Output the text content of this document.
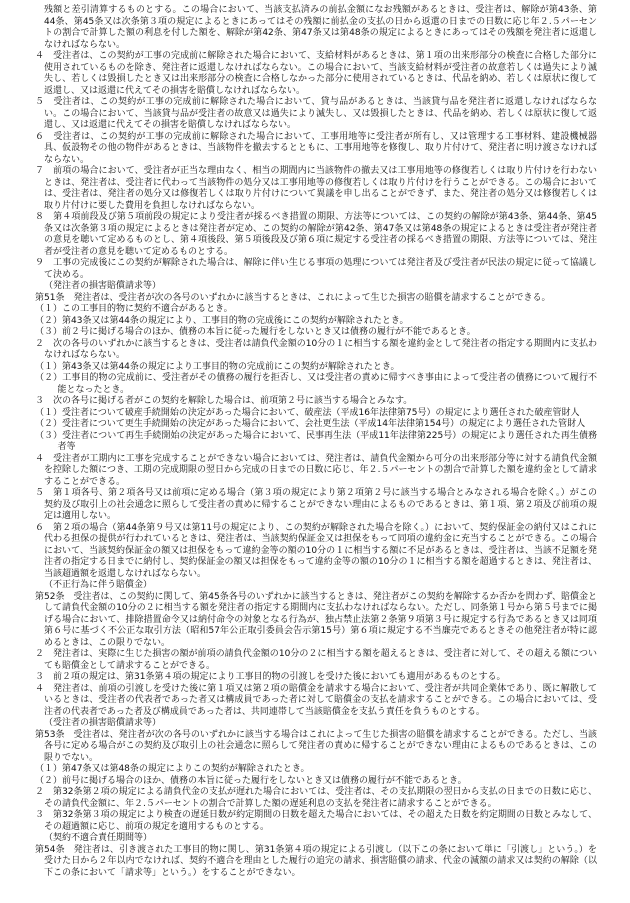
残額と差引清算するものとする。この場合において、当該支払済みの前払金額になお残額があるときは、受注者は、解除が第43条、第44条、第45条又は次条第３項の規定によるときにあってはその残額に前払金の支払の日から返還の日までの日数に応じ年２.５パーセントの割合で計算した額の利息を付した額を、解除が第42条、第47条又は第48条の規定によるときにあってはその残額を発注者に返還しなければならない。

４　受注者は、この契約が工事の完成前に解除された場合において、支給材料があるときは、第１項の出来形部分の検査に合格した部分に使用されているものを除き、発注者に返還しなければならない。この場合において、当該支給材料が受注者の故意若しくは過失により滅失し、若しくは毀損したとき又は出来形部分の検査に合格しなかった部分に使用されているときは、代品を納め、若しくは原状に復して返還し、又は返還に代えてその損害を賠償しなければならない。

５　受注者は、この契約が工事の完成前に解除された場合において、貸与品があるときは、当該貸与品を発注者に返還しなければならない。この場合において、当該貸与品が受注者の故意又は過失により滅失し、又は毀損したときは、代品を納め、若しくは原状に復して返還し、又は返還に代えてその損害を賠償しなければならない。

６　受注者は、この契約が工事の完成前に解除された場合において、工事用地等に受注者が所有し、又は管理する工事材料、建設機械器具、仮設物その他の物件があるときは、当該物件を撤去するとともに、工事用地等を修復し、取り片付けて、発注者に明け渡さなければならない。

７　前項の場合において、受注者が正当な理由なく、相当の期間内に当該物件の撤去又は工事用地等の修復若しくは取り片付けを行わないときは、発注者は、受注者に代わって当該物件の処分又は工事用地等の修復若しくは取り片付けを行うことができる。この場合においては、受注者は、発注者の処分又は修復若しくは取り片付けについて異議を申し出ることができず、また、発注者の処分又は修復若しくは取り片付けに要した費用を負担しなければならない。

８　第４項前段及び第５項前段の規定により受注者が採るべき措置の期限、方法等については、この契約の解除が第43条、第44条、第45条又は次条第３項の規定によるときは発注者が定め、この契約の解除が第42条、第47条又は第48条の規定によるときは受注者が発注者の意見を聴いて定めるものとし、第４項後段、第５項後段及び第６項に規定する受注者の採るべき措置の期限、方法等については、発注者が受注者の意見を聴いて定めるものとする。

９　工事の完成後にこの契約が解除された場合は、解除に伴い生じる事項の処理については発注者及び受注者が民法の規定に従って協議して決める。

（発注者の損害賠償請求等）

第51条　発注者は、受注者が次の各号のいずれかに該当するときは、これによって生じた損害の賠償を請求することができる。

（１）この工事目的物に契約不適合があるとき。

（２）第43条又は第44条の規定により、工事目的物の完成後にこの契約が解除されたとき。

（３）前２号に掲げる場合のほか、債務の本旨に従った履行をしないとき又は債務の履行が不能であるとき。

２　次の各号のいずれかに該当するときは、受注者は請負代金額の10分の１に相当する額を違約金として発注者の指定する期間内に支払わなければならない。

（１）第43条又は第44条の規定により工事目的物の完成前にこの契約が解除されたとき。

（２）工事目的物の完成前に、受注者がその債務の履行を拒否し、又は受注者の責めに帰すべき事由によって受注者の債務について履行不能となったとき。

３　次の各号に掲げる者がこの契約を解除した場合は、前項第２号に該当する場合とみなす。

（１）受注者について破産手続開始の決定があった場合において、破産法（平成16年法律第75号）の規定により選任された破産管財人

（２）受注者について更生手続開始の決定があった場合において、会社更生法（平成14年法律第154号）の規定により選任された管財人

（３）受注者について再生手続開始の決定があった場合において、民事再生法（平成11年法律第225号）の規定により選任された再生債務者等

４　受注者が工期内に工事を完成することができない場合においては、発注者は、請負代金額から可分の出来形部分等に対する請負代金額を控除した額につき、工期の完成期限の翌日から完成の日までの日数に応じ、年２.５パーセントの割合で計算した額を違約金として請求することができる。

５　第１項各号、第２項各号又は前項に定める場合（第３項の規定により第２項第２号に該当する場合とみなされる場合を除く。）がこの契約及び取引上の社会通念に照らして受注者の責めに帰することができない理由によるものであるときは、第１項、第２項及び前項の規定は適用しない。

６　第２項の場合（第44条第９号又は第11号の規定により、この契約が解除された場合を除く。）において、契約保証金の納付又はこれに代わる担保の提供が行われているときは、発注者は、当該契約保証金又は担保をもって同項の違約金に充当することができる。この場合において、当該契約保証金の額又は担保をもって違約金等の額の10分の１に相当する額に不足があるときは、受注者は、当該不足額を発注者の指定する日までに納付し、契約保証金の額又は担保をもって違約金等の額の10分の１に相当する額を超過するときは、発注者は、当該超過額を返還しなければならない。

（不正行為に伴う賠償金）

第52条　受注者は、この契約に関して、第45条各号のいずれかに該当するときは、発注者がこの契約を解除するか否かを問わず、賠償金として請負代金額の10分の２に相当する額を発注者の指定する期間内に支払わなければならない。ただし、同条第１号から第５号までに掲げる場合において、排除措置命令又は納付命令の対象となる行為が、独占禁止法第２条第９項第３号に規定する行為であるとき又は同項第６号に基づく不公正な取引方法（昭和57年公正取引委員会告示第15号）第６項に規定する不当廉売であるときその他発注者が特に認めるときは、この限りでない。

２　発注者は、実際に生じた損害の額が前項の請負代金額の10分の２に相当する額を超えるときは、受注者に対して、その超える額についても賠償金として請求することができる。

３　前２項の規定は、第31条第４項の規定により工事目的物の引渡しを受けた後においても適用があるものとする。

４　発注者は、前項の引渡しを受けた後に第１項又は第２項の賠償金を請求する場合において、受注者が共同企業体であり、既に解散しているときは、受注者の代表者であった者又は構成員であった者に対して賠償金の支払を請求することができる。この場合においては、受注者の代表者であった者及び構成員であった者は、共同連帯して当該賠償金を支払う責任を負うものとする。

（受注者の損害賠償請求等）

第53条　受注者は、発注者が次の各号のいずれかに該当する場合はこれによって生じた損害の賠償を請求することができる。ただし、当該各号に定める場合がこの契約及び取引上の社会通念に照らして発注者の責めに帰することができない理由によるものであるときは、この限りでない。

（１）第47条又は第48条の規定によりこの契約が解除されたとき。

（２）前号に掲げる場合のほか、債務の本旨に従った履行をしないとき又は債務の履行が不能であるとき。

２　第32条第２項の規定による請負代金の支払が遅れた場合においては、受注者は、その支払期限の翌日から支払の日までの日数に応じ、その請負代金額に、年２.５パーセントの割合で計算した額の遅延利息の支払を発注者に請求することができる。

３　第32条第３項の規定により検査の遅延日数が約定期間の日数を超えた場合においては、その超えた日数を約定期間の日数とみなして、その超過額に応じ、前項の規定を適用するものとする。

（契約不適合責任期間等）

第54条　発注者は、引き渡された工事目的物に関し、第31条第４項の規定による引渡し（以下この条において単に「引渡し」という。）を受けた日から２年以内でなければ、契約不適合を理由とした履行の追完の請求、損害賠償の請求、代金の減額の請求又は契約の解除（以下この条において「請求等」という。）をすることができない。
